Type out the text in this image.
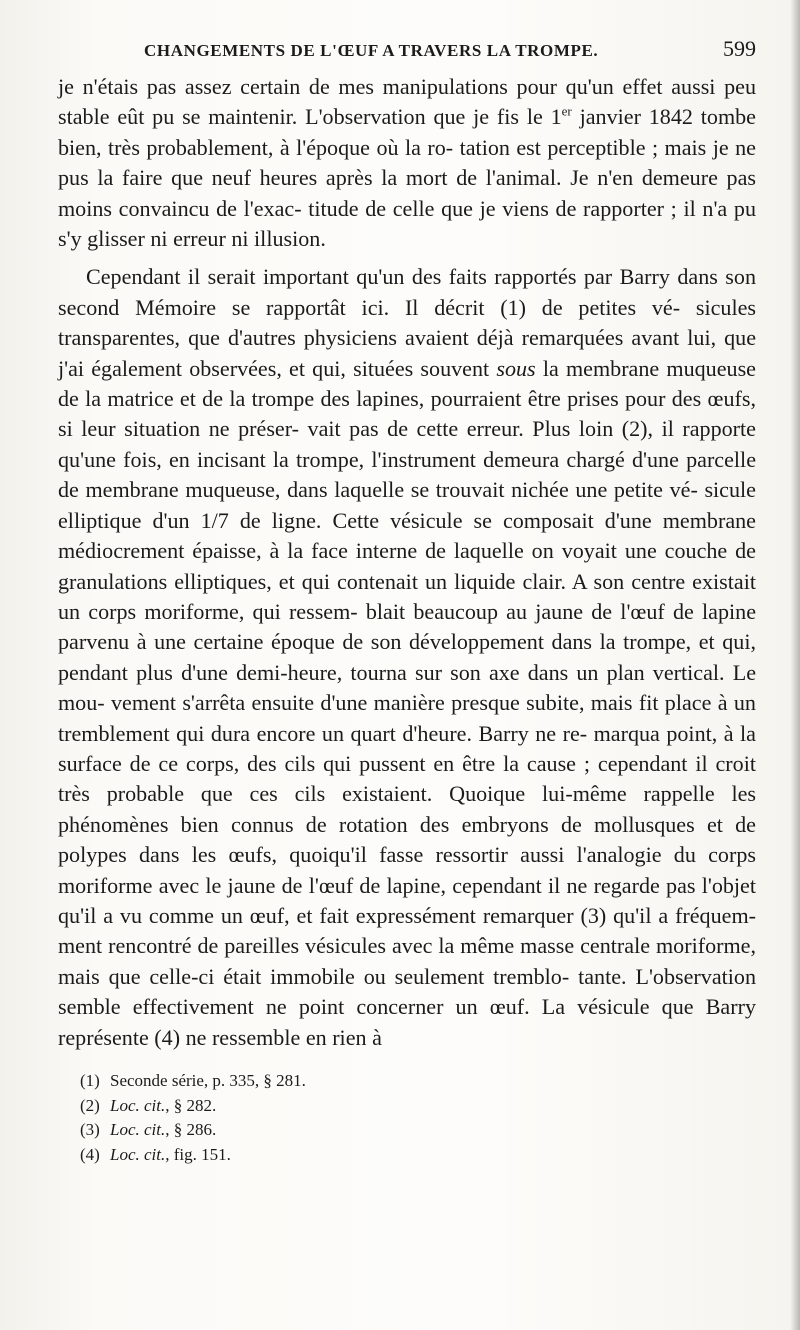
CHANGEMENTS DE L'ŒUF A TRAVERS LA TROMPE.	599

je n'étais pas assez certain de mes manipulations pour qu'un effet aussi peu stable eût pu se maintenir. L'observation que je fis le 1er janvier 1842 tombe bien, très probablement, à l'époque où la ro- tation est perceptible ; mais je ne pus la faire que neuf heures après la mort de l'animal. Je n'en demeure pas moins convaincu de l'exac- titude de celle que je viens de rapporter ; il n'a pu s'y glisser ni erreur ni illusion.

Cependant il serait important qu'un des faits rapportés par Barry dans son second Mémoire se rapportât ici. Il décrit (1) de petites vé- sicules transparentes, que d'autres physiciens avaient déjà remarquées avant lui, que j'ai également observées, et qui, situées souvent sous la membrane muqueuse de la matrice et de la trompe des lapines, pourraient être prises pour des œufs, si leur situation ne préser- vait pas de cette erreur. Plus loin (2), il rapporte qu'une fois, en incisant la trompe, l'instrument demeura chargé d'une parcelle de membrane muqueuse, dans laquelle se trouvait nichée une petite vé- sicule elliptique d'un 1/7 de ligne. Cette vésicule se composait d'une membrane médiocrement épaisse, à la face interne de laquelle on voyait une couche de granulations elliptiques, et qui contenait un liquide clair. A son centre existait un corps moriforme, qui ressem- blait beaucoup au jaune de l'œuf de lapine parvenu à une certaine époque de son développement dans la trompe, et qui, pendant plus d'une demi-heure, tourna sur son axe dans un plan vertical. Le mou- vement s'arrêta ensuite d'une manière presque subite, mais fit place à un tremblement qui dura encore un quart d'heure. Barry ne re- marqua point, à la surface de ce corps, des cils qui pussent en être la cause ; cependant il croit très probable que ces cils existaient. Quoique lui-même rappelle les phénomènes bien connus de rotation des embryons de mollusques et de polypes dans les œufs, quoiqu'il fasse ressortir aussi l'analogie du corps moriforme avec le jaune de l'œuf de lapine, cependant il ne regarde pas l'objet qu'il a vu comme un œuf, et fait expressément remarquer (3) qu'il a fréquem- ment rencontré de pareilles vésicules avec la même masse centrale moriforme, mais que celle-ci était immobile ou seulement tremblo- tante. L'observation semble effectivement ne point concerner un œuf. La vésicule que Barry représente (4) ne ressemble en rien à

(1) Seconde série, p. 335, § 281.
(2) Loc. cit., § 282.
(3) Loc. cit., § 286.
(4) Loc. cit., fig. 151.
